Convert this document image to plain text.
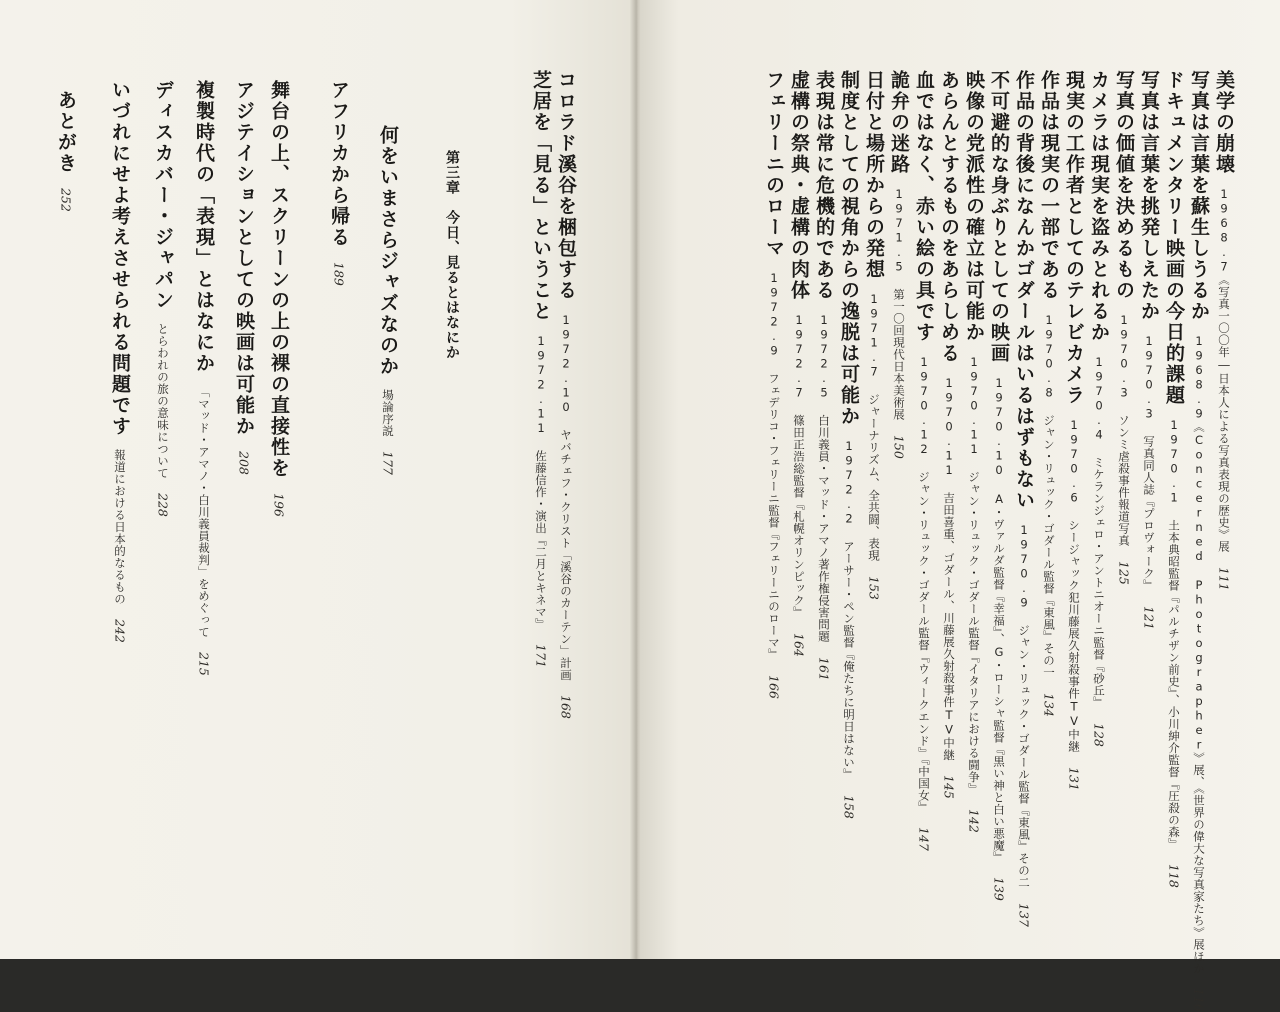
コロラド溪谷を梱包する
1972.10 ヤバチェフ・クリスト「溪谷のカーテン」計画
168
芝居を「見る」ということ
1972.11 佐藤信作・演出『二月とキネマ』
171
第三章　今日、見るとはなにか
何をいまさらジャズなのか
場論序説
177
アフリカから帰る
189
舞台の上、スクリーンの上の裸の直接性を
196
アジテイションとしての映画は可能か
208
複製時代の「表現」とはなにか
「マッド・アマノ・白川義員裁判」をめぐって
215
ディスカバー・ジャパン
とらわれの旅の意味について
228
いづれにせよ考えさせられる問題です
報道における日本的なるもの
242
あとがき
252
美学の崩壊
1968.7《写真一〇〇年―日本人による写真表現の歴史》展
111
写真は言葉を蘇生しうるか
1968.9《Concerned Photographer》展、《世界の偉大な写真家たち》展ほか
116
ドキュメンタリー映画の今日的課題
1970.1 土本典昭監督『パルチザン前史』、小川紳介監督『圧殺の森』
118
写真は言葉を挑発しえたか
1970.3 写真同人誌『プロヴォーク』
121
写真の価値を決めるもの
1970.3 ソンミ虐殺事件報道写真
125
カメラは現実を盗みとれるか
1970.4 ミケランジェロ・アントニオーニ監督『砂丘』
128
現実の工作者としてのテレビカメラ
1970.6 シージャック犯川藤展久射殺事件TV中継
131
作品は現実の一部である
1970.8 ジャン・リュック・ゴダール監督『東風』その一
134
作品の背後になんかゴダールはいるはずもない
1970.9 ジャン・リュック・ゴダール監督『東風』その二
137
不可避的な身ぶりとしての映画
1970.10 A・ヴァルダ監督『幸福』、G・ローシャ監督『黒い神と白い悪魔』
139
映像の党派性の確立は可能か
1970.11 ジャン・リュック・ゴダール監督『イタリアにおける闘争』
142
あらんとするものをあらしめる
1970.11 吉田喜重、ゴダール、川藤展久射殺事件TV中継
145
血ではなく、赤い絵の具です
1970.12 ジャン・リュック・ゴダール監督『ウィークエンド』『中国女』
147
詭弁の迷路
1971.5 第一〇回現代日本美術展
150
日付と場所からの発想
1971.7 ジャーナリズム、全共闘、表現
153
制度としての視角からの逸脱は可能か
1972.2 アーサー・ペン監督『俺たちに明日はない』
158
表現は常に危機的である
1972.5 白川義員・マッド・アマノ著作権侵害問題
161
虚構の祭典・虚構の肉体
1972.7 篠田正浩総監督『札幌オリンピック』
164
フェリーニのローマ
1972.9 フェデリコ・フェリーニ監督『フェリーニのローマ』
166
